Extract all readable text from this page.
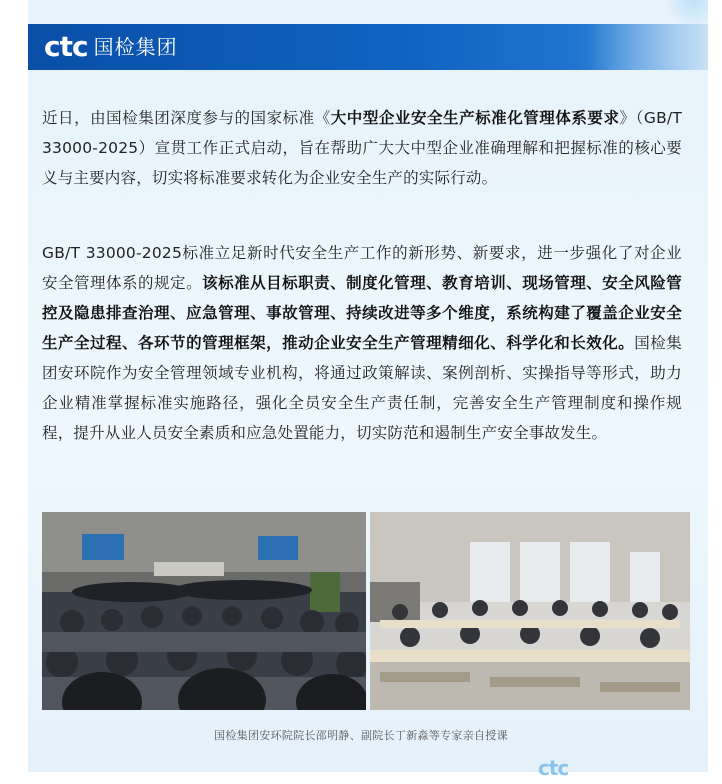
ctc 国检集团
近日，由国检集团深度参与的国家标准《大中型企业安全生产标准化管理体系要求》（GB/T 33000-2025）宣贯工作正式启动，旨在帮助广大大中型企业准确理解和把握标准的核心要义与主要内容，切实将标准要求转化为企业安全生产的实际行动。
GB/T 33000-2025标准立足新时代安全生产工作的新形势、新要求，进一步强化了对企业安全管理体系的规定。该标准从目标职责、制度化管理、教育培训、现场管理、安全风险管控及隐患排查治理、应急管理、事故管理、持续改进等多个维度，系统构建了覆盖企业安全生产全过程、各环节的管理框架，推动企业安全生产管理精细化、科学化和长效化。国检集团安环院作为安全管理领域专业机构，将通过政策解读、案例剖析、实操指导等形式，助力企业精准掌握标准实施路径，强化全员安全生产责任制，完善安全生产管理制度和操作规程，提升从业人员安全素质和应急处置能力，切实防范和遏制生产安全事故发生。
国检集团安环院院长邵明静、副院长丁新淼等专家亲自授课
ctc
